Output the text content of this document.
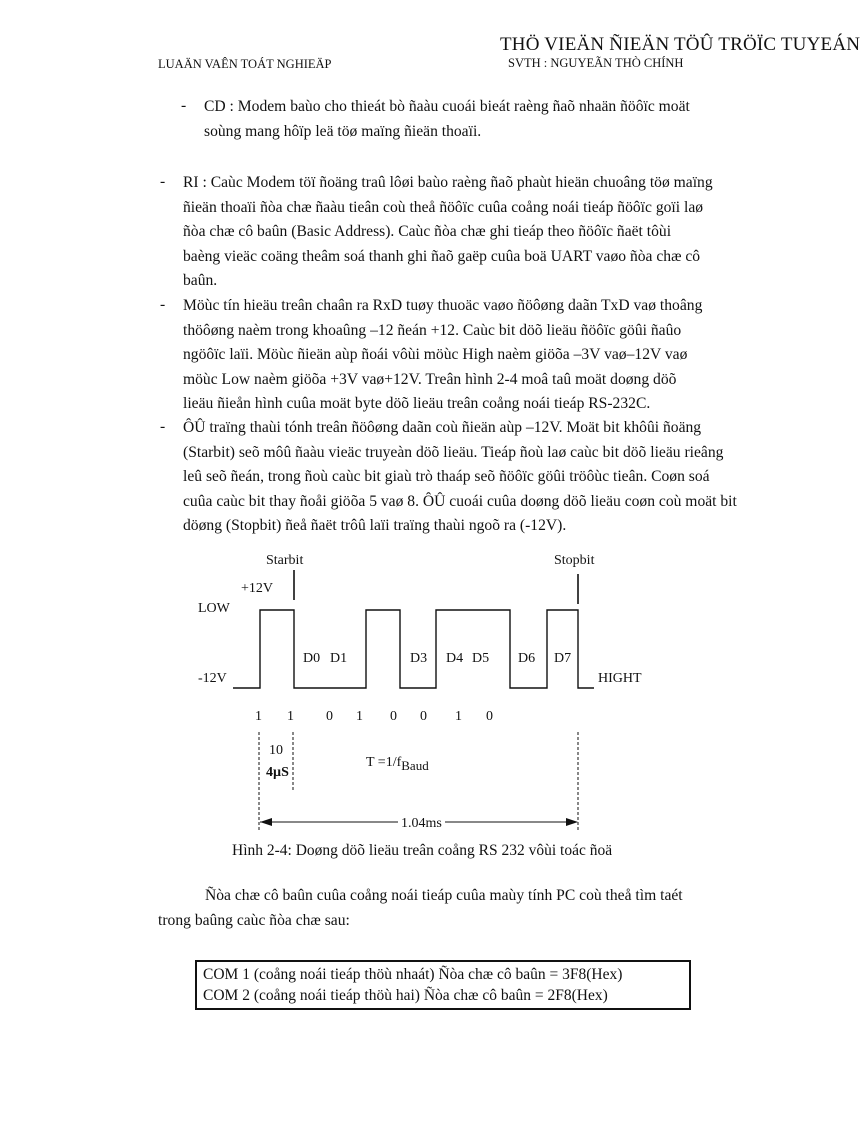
THÖ VIEÄN ÑIEÄN TÖÛ TRÖÏC TUYEÁN
LUAÄN VAÊN TOÁT NGHIEÄP	SVTH : NGUYEÃN THÒ CHÍNH
- CD : Modem baùo cho thieát bò ñaàu cuoái bieát raèng ñaõ nhaän ñöôïc moät
soùng mang hôïp leä töø maïng ñieän thoaïi.
- RI : Caùc Modem töï ñoäng traû lôøi baùo raèng ñaõ phaùt hieän chuoâng töø maïng
ñieän thoaïi ñòa chæ ñaàu tieân coù theå ñöôïc cuûa coång noái tieáp ñöôïc goïi laø
ñòa chæ cô baûn (Basic Address). Caùc ñòa chæ ghi tieáp theo ñöôïc ñaët tôùi
baèng vieäc coäng theâm soá thanh ghi ñaõ gaëp cuûa boä UART vaøo ñòa chæ cô
baûn.
- Möùc tín hieäu treân chaân ra RxD tuøy thuoäc vaøo ñöôøng daãn TxD vaø thoâng
thöôøng naèm trong khoaûng –12 ñeán +12. Caùc bit döõ lieäu ñöôïc göûi ñaûo
ngöôïc laïi. Möùc ñieän aùp ñoái vôùi möùc High naèm giöõa –3V vaø–12V vaø
möùc Low naèm giöõa +3V vaø+12V. Treân hình 2-4 moâ taû moät doøng döõ
lieäu ñieån hình cuûa moät byte döõ lieäu treân coång noái tieáp RS-232C.
- ÔÛ traïng thaùi tónh treân ñöôøng daãn coù ñieän aùp –12V. Moät bit khôûi ñoäng
(Starbit) seõ môû ñaàu vieäc truyeàn döõ lieäu. Tieáp ñoù laø caùc bit döõ lieäu rieâng
leû seõ ñeán, trong ñoù caùc bit giaù trò thaáp seõ ñöôïc göûi tröôùc tieân. Coøn soá
cuûa caùc bit thay ñoåi giöõa 5 vaø 8. ÔÛ cuoái cuûa doøng döõ lieäu coøn coù moät bit
döøng (Stopbit) ñeå ñaët trôû laïi traïng thaùi ngoõ ra (-12V).
Starbit	Stopbit
+12V
LOW
-12V	HIGHT
D0 D1	D3 D4 D5 D6 D7
1 1 0 1 0 0 1 0
10
4µS
T =1/fBaud
1.04ms
Hình 2-4: Doøng döõ lieäu treân coång RS 232 vôùi toác ñoä
Ñòa chæ cô baûn cuûa coång noái tieáp cuûa maùy tính PC coù theå tìm taét
trong baûng caùc ñòa chæ sau:
COM 1 (coång noái tieáp thöù nhaát) Ñòa chæ cô baûn = 3F8(Hex)
COM 2 (coång noái tieáp thöù hai) Ñòa chæ cô baûn = 2F8(Hex)
